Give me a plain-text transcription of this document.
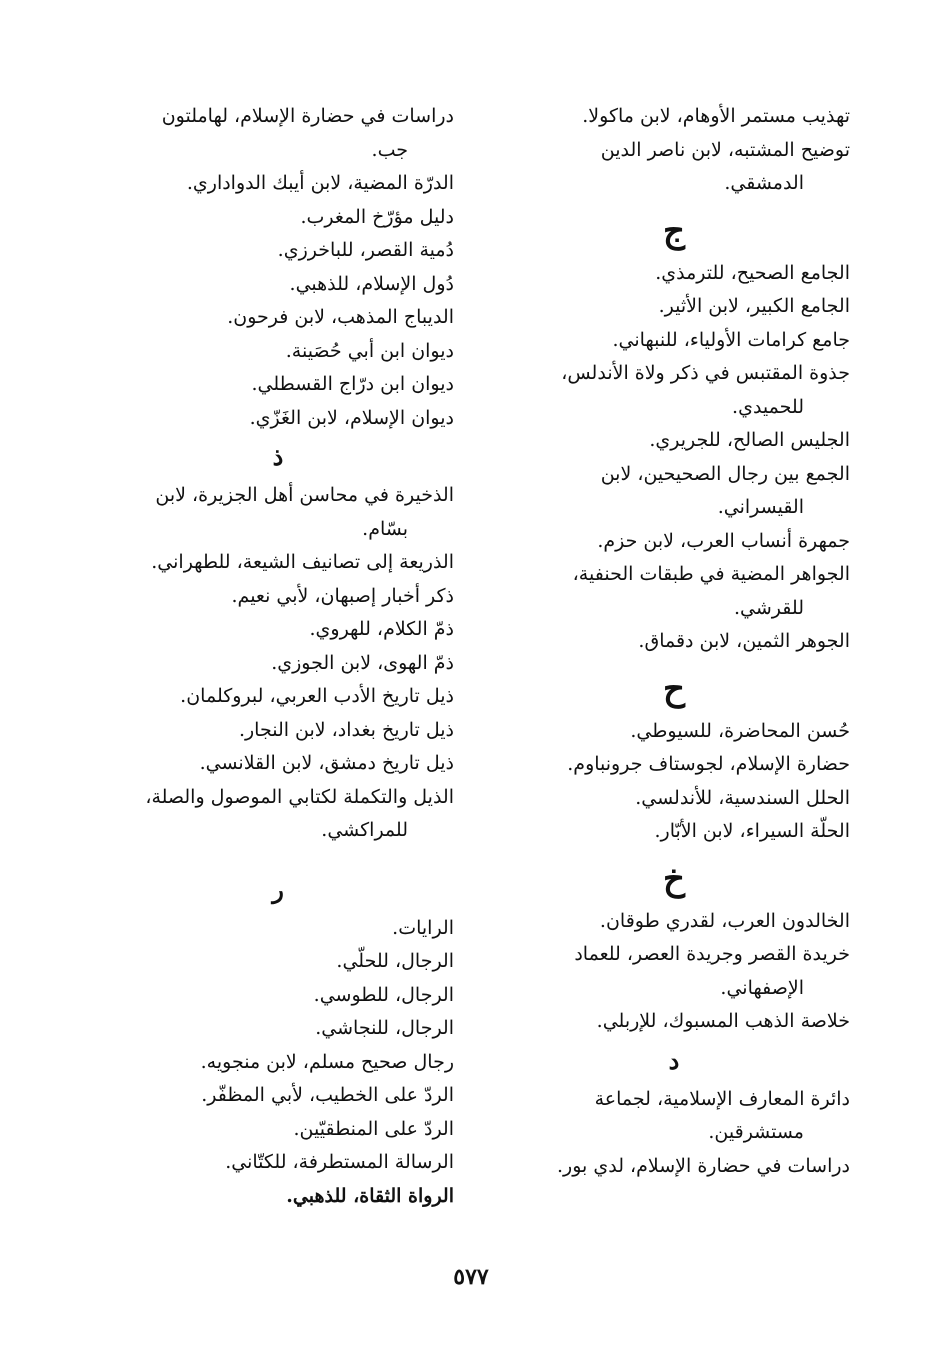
تهذيب مستمر الأوهام، لابن ماكولا.

توضيح المشتبه، لابن ناصر الدين
الدمشقي.

ج

الجامع الصحيح، للترمذي.

الجامع الكبير، لابن الأثير.

جامع كرامات الأولياء، للنبهاني.

جذوة المقتبس في ذكر ولاة الأندلس،
للحميدي.

الجليس الصالح، للجريري.

الجمع بين رجال الصحيحين، لابن
القيسراني.

جمهرة أنساب العرب، لابن حزم.

الجواهر المضية في طبقات الحنفية،
للقرشي.

الجوهر الثمين، لابن دقماق.

ح

حُسن المحاضرة، للسيوطي.

حضارة الإسلام، لجوستاف جرونباوم.

الحلل السندسية، للأندلسي.

الحلّة السيراء، لابن الأبّار.

خ

الخالدون العرب، لقدري طوقان.

خريدة القصر وجريدة العصر، للعماد
الإصفهاني.

خلاصة الذهب المسبوك، للإربلي.

د

دائرة المعارف الإسلامية، لجماعة
مستشرقين.

دراسات في حضارة الإسلام، لدي بور.

دراسات في حضارة الإسلام، لهاملتون
جب.

الدرّة المضية، لابن أيبك الدواداري.

دليل مؤرّخ المغرب.

دُمية القصر، للباخرزي.

دُول الإسلام، للذهبي.

الديباج المذهب، لابن فرحون.

ديوان ابن أبي حُصَينة.

ديوان ابن درّاج القسطلي.

ديوان الإسلام، لابن الغَزّي.

ذ

الذخيرة في محاسن أهل الجزيرة، لابن
بسّام.

الذريعة إلى تصانيف الشيعة، للطهراني.

ذكر أخبار إصبهان، لأبي نعيم.

ذمّ الكلام، للهروي.

ذمّ الهوى، لابن الجوزي.

ذيل تاريخ الأدب العربي، لبروكلمان.

ذيل تاريخ بغداد، لابن النجار.

ذيل تاريخ دمشق، لابن القلانسي.

الذيل والتكملة لكتابي الموصول والصلة،
للمراكشي.

ر

الرايات.

الرجال، للحلّي.

الرجال، للطوسي.

الرجال، للنجاشي.

رجال صحيح مسلم، لابن منجويه.

الردّ على الخطيب، لأبي المظفّر.

الردّ على المنطقيّين.

الرسالة المستطرفة، للكتّاني.

الرواة الثقاة، للذهبي.

٥٧٧
